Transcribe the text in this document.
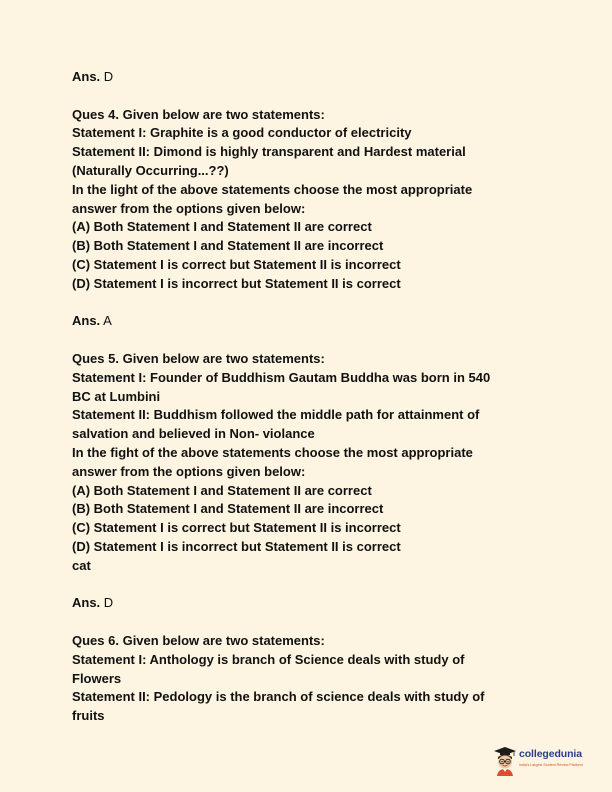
Ans. D

Ques 4. Given below are two statements:

Statement I: Graphite is a good conductor of electricity

Statement II: Dimond is highly transparent and Hardest material

(Naturally Occurring...??)

In the light of the above statements choose the most appropriate

answer from the options given below:

(A) Both Statement I and Statement II are correct

(B) Both Statement I and Statement II are incorrect

(C) Statement I is correct but Statement II is incorrect

(D) Statement I is incorrect but Statement II is correct

Ans. A

Ques 5. Given below are two statements:

Statement I: Founder of Buddhism Gautam Buddha was born in 540

BC at Lumbini

Statement II: Buddhism followed the middle path for attainment of

salvation and believed in Non- violance

In the fight of the above statements choose the most appropriate

answer from the options given below:

(A) Both Statement I and Statement II are correct

(B) Both Statement I and Statement II are incorrect

(C) Statement I is correct but Statement II is incorrect

(D) Statement I is incorrect but Statement II is correct

cat

Ans. D

Ques 6. Given below are two statements:

Statement I: Anthology is branch of Science deals with study of

Flowers

Statement II: Pedology is the branch of science deals with study of

fruits

collegedunia
India's Largest Student Review Platform
